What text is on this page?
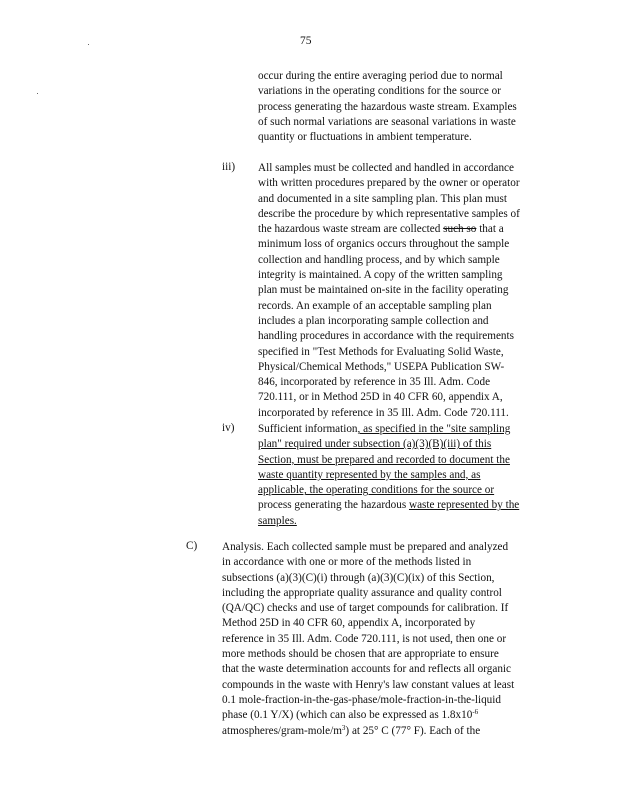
75
occur during the entire averaging period due to normal
variations in the operating conditions for the source or
process generating the hazardous waste stream. Examples
of such normal variations are seasonal variations in waste
quantity or fluctuations in ambient temperature.
iii) All samples must be collected and handled in accordance
with written procedures prepared by the owner or operator
and documented in a site sampling plan. This plan must
describe the procedure by which representative samples of
the hazardous waste stream are collected such so that a
minimum loss of organics occurs throughout the sample
collection and handling process, and by which sample
integrity is maintained. A copy of the written sampling
plan must be maintained on-site in the facility operating
records. An example of an acceptable sampling plan
includes a plan incorporating sample collection and
handling procedures in accordance with the requirements
specified in "Test Methods for Evaluating Solid Waste,
Physical/Chemical Methods," USEPA Publication SW-
846, incorporated by reference in 35 Ill. Adm. Code
720.111, or in Method 25D in 40 CFR 60, appendix A,
incorporated by reference in 35 Ill. Adm. Code 720.111.
iv) Sufficient information, as specified in the "site sampling
plan" required under subsection (a)(3)(B)(iii) of this
Section, must be prepared and recorded to document the
waste quantity represented by the samples and, as
applicable, the operating conditions for the source or
process generating the hazardous waste represented by the
samples.
C) Analysis. Each collected sample must be prepared and analyzed
in accordance with one or more of the methods listed in
subsections (a)(3)(C)(i) through (a)(3)(C)(ix) of this Section,
including the appropriate quality assurance and quality control
(QA/QC) checks and use of target compounds for calibration. If
Method 25D in 40 CFR 60, appendix A, incorporated by
reference in 35 Ill. Adm. Code 720.111, is not used, then one or
more methods should be chosen that are appropriate to ensure
that the waste determination accounts for and reflects all organic
compounds in the waste with Henry's law constant values at least
0.1 mole-fraction-in-the-gas-phase/mole-fraction-in-the-liquid
phase (0.1 Y/X) (which can also be expressed as $1.8x10^{-6}$
atmospheres/$gram-mole/m^3$) at 25° C (77° F). Each of the
